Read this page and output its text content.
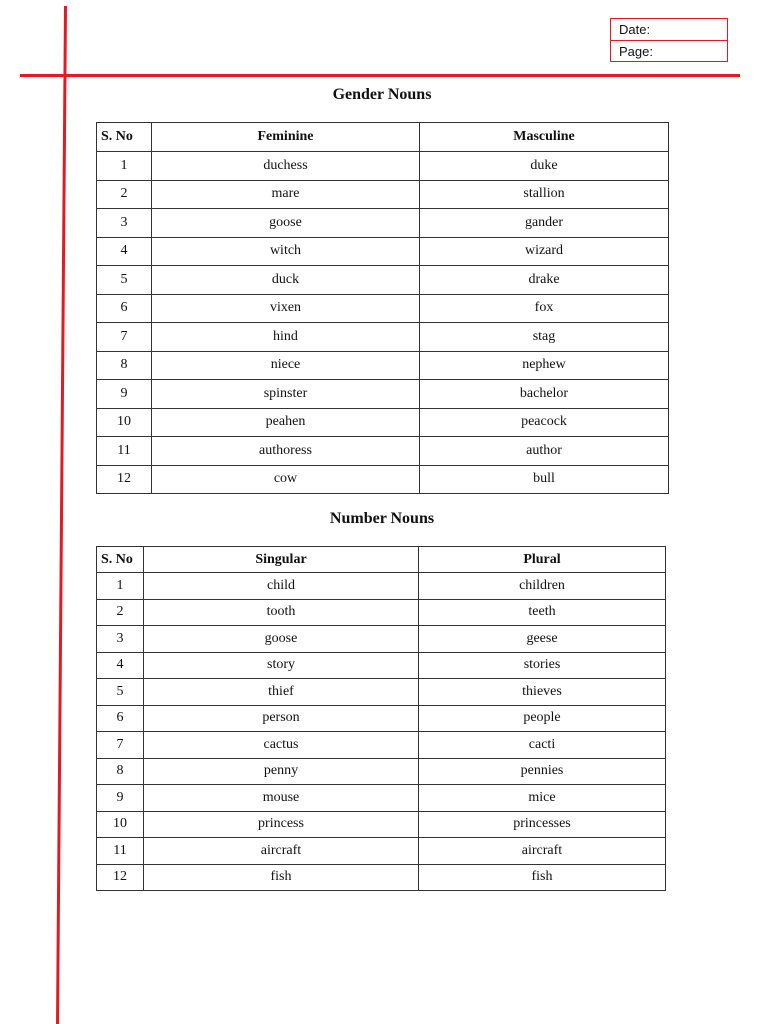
Date:
Page:
Gender Nouns
S. No	Feminine	Masculine
1	duchess	duke
2	mare	stallion
3	goose	gander
4	witch	wizard
5	duck	drake
6	vixen	fox
7	hind	stag
8	niece	nephew
9	spinster	bachelor
10	peahen	peacock
11	authoress	author
12	cow	bull
Number Nouns
S. No	Singular	Plural
1	child	children
2	tooth	teeth
3	goose	geese
4	story	stories
5	thief	thieves
6	person	people
7	cactus	cacti
8	penny	pennies
9	mouse	mice
10	princess	princesses
11	aircraft	aircraft
12	fish	fish
